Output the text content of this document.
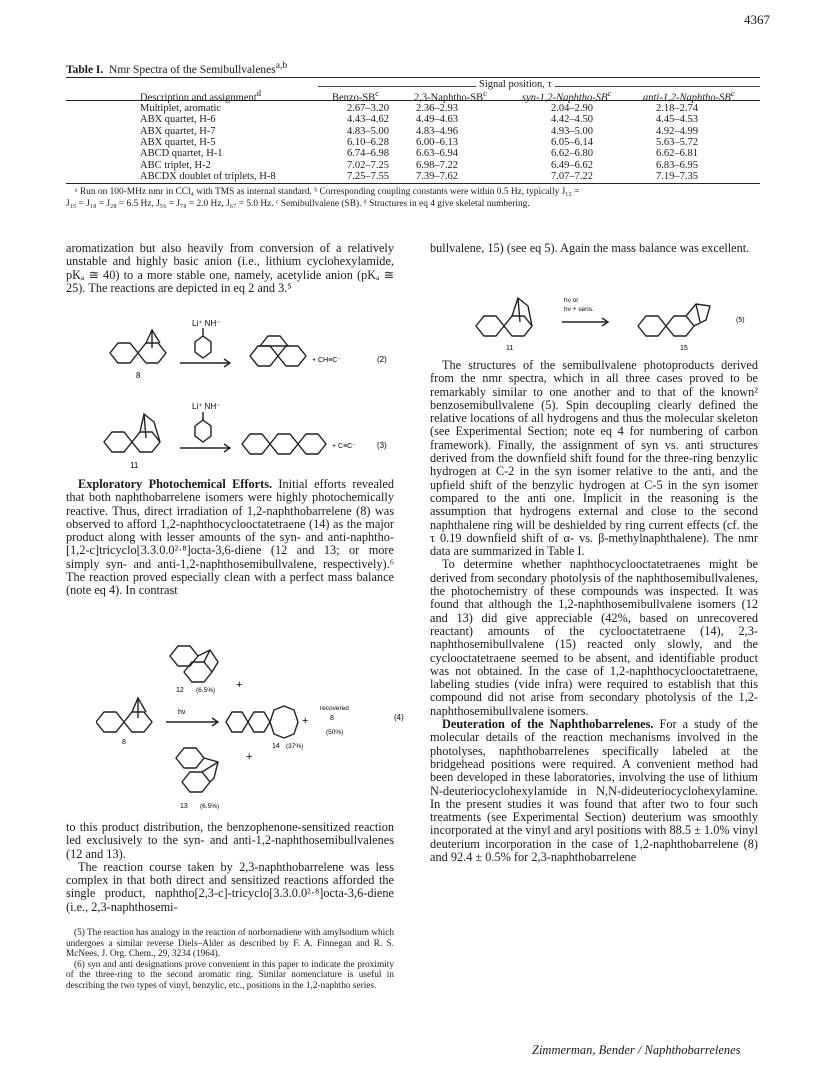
4367
Table I. Nmr Spectra of the Semibullvalenes$^{a,b}$
Signal position, τ
Description and assignment$^d$	Benzo-$SB^c$	$2,3-Naphtho-SB^c$	syn-$1,2-Naphtho-SB^c$	anti-$1,2-Naphtho-SB^c$
Multiplet, aromatic	2.67–3.20	2.36–2.93	2.04–2.90	2.18–2.74
ABX quartet, H-6	4.43–4.62	4.49–4.63	4.42–4.50	4.45–4.53
ABX quartet, H-7	4.83–5.00	4.83–4.96	4.93–5.00	4.92–4.99
ABX quartet, H-5	6.10–6.28	6.00–6.13	6.05–6.14	5.63–5.72
ABCD quartet, H-1	6.74–6.98	6.63–6.94	6.62–6.80	6.62–6.81
ABC triplet, H-2	7.02–7.25	6.98–7.22	6.49–6.62	6.83–6.95
ABCDX doublet of triplets, H-8	7.25–7.55	7.39–7.62	7.07–7.22	7.19–7.35
ᵃ Run on 100-MHz nmr in CCl₄ with TMS as internal standard. ᵇ Corresponding coupling constants were within 0.5 Hz, typically J₁₂ =
J₁₅ = J₁₈ = J₂₈ = 6.5 Hz, J₅₆ = J₇₈ = 2.0 Hz, J₆₇ = 5.0 Hz. ᶜ Semibullvalene (SB). ᵈ Structures in eq 4 give skeletal numbering.

aromatization but also heavily from conversion of a relatively unstable and highly basic anion (i.e., lithium cyclohexylamide, pKₐ ≅ 40) to a more stable one, namely, acetylide anion (pKₐ ≅ 25). The reactions are depicted in eq 2 and 3.⁵

Li⁺ NH⁻
8
+ CH≡C⁻	(2)
Li⁺ NH⁻
11
+ C≡C⁻	(3)

Exploratory Photochemical Efforts. Initial efforts revealed that both naphthobarrelene isomers were highly photochemically reactive. Thus, direct irradiation of 1,2-naphthobarrelene (8) was observed to afford 1,2-naphthocyclooctatetraene (14) as the major product along with lesser amounts of the syn- and anti-naphtho-[1,2-c]tricyclo[3.3.0.0²·⁸]octa-3,6-diene (12 and 13; or more simply syn- and anti-1,2-naphthosemibullvalene, respectively).⁶ The reaction proved especially clean with a perfect mass balance (note eq 4). In contrast

12 (6.5%) +
hν
8
+
recovered
8
(50%)
(4)
14 (37%)
+
13 (6.5%)

to this product distribution, the benzophenone-sensitized reaction led exclusively to the syn- and anti-1,2-naphthosemibullvalenes (12 and 13).

The reaction course taken by 2,3-naphthobarrelene was less complex in that both direct and sensitized reactions afforded the single product, naphtho[2,3-c]-tricyclo[3.3.0.0²·⁸]octa-3,6-diene (i.e., 2,3-naphthosemi-

(5) The reaction has analogy in the reaction of norbornadiene with amylsodium which undergoes a similar reverse Diels–Alder as described by F. A. Finnegan and R. S. McNees, J. Org. Chem., 29, 3234 (1964).

(6) syn and anti designations prove convenient in this paper to indicate the proximity of the three-ring to the second aromatic ring. Similar nomenclature is useful in describing the two types of vinyl, benzylic, etc., positions in the 1,2-naphtho series.

bullvalene, 15) (see eq 5). Again the mass balance was excellent.

hν or
hν + sens.
11	15
(5)

The structures of the semibullvalene photoproducts derived from the nmr spectra, which in all three cases proved to be remarkably similar to one another and to that of the known² benzosemibullvalene (5). Spin decoupling clearly defined the relative locations of all hydrogens and thus the molecular skeleton (see Experimental Section; note eq 4 for numbering of carbon framework). Finally, the assignment of syn vs. anti structures derived from the downfield shift found for the three-ring benzylic hydrogen at C-2 in the syn isomer relative to the anti, and the upfield shift of the benzylic hydrogen at C-5 in the syn isomer compared to the anti one. Implicit in the reasoning is the assumption that hydrogens external and close to the second naphthalene ring will be deshielded by ring current effects (cf. the τ 0.19 downfield shift of α- vs. β-methylnaphthalene). The nmr data are summarized in Table I.

To determine whether naphthocyclooctatetraenes might be derived from secondary photolysis of the naphthosemibullvalenes, the photochemistry of these compounds was inspected. It was found that although the 1,2-naphthosemibullvalene isomers (12 and 13) did give appreciable (42%, based on unrecovered reactant) amounts of the cyclooctatetraene (14), 2,3-naphthosemibullvalene (15) reacted only slowly, and the cyclooctatetraene seemed to be absent, and identifiable product was not obtained. In the case of 1,2-naphthocyclooctatetraene, labeling studies (vide infra) were required to establish that this compound did not arise from secondary photolysis of the 1,2-naphthosemibullvalene isomers.

Deuteration of the Naphthobarrelenes. For a study of the molecular details of the reaction mechanisms involved in the photolyses, naphthobarrelenes specifically labeled at the bridgehead positions were required. A convenient method had been developed in these laboratories, involving the use of lithium N-deuteriocyclohexylamide in N,N-dideuteriocyclohexylamine. In the present studies it was found that after two to four such treatments (see Experimental Section) deuterium was smoothly incorporated at the vinyl and aryl positions with 88.5 ± 1.0% vinyl deuterium incorporation in the case of 1,2-naphthobarrelene (8) and 92.4 ± 0.5% for 2,3-naphthobarrelene

Zimmerman, Bender / Naphthobarrelenes
